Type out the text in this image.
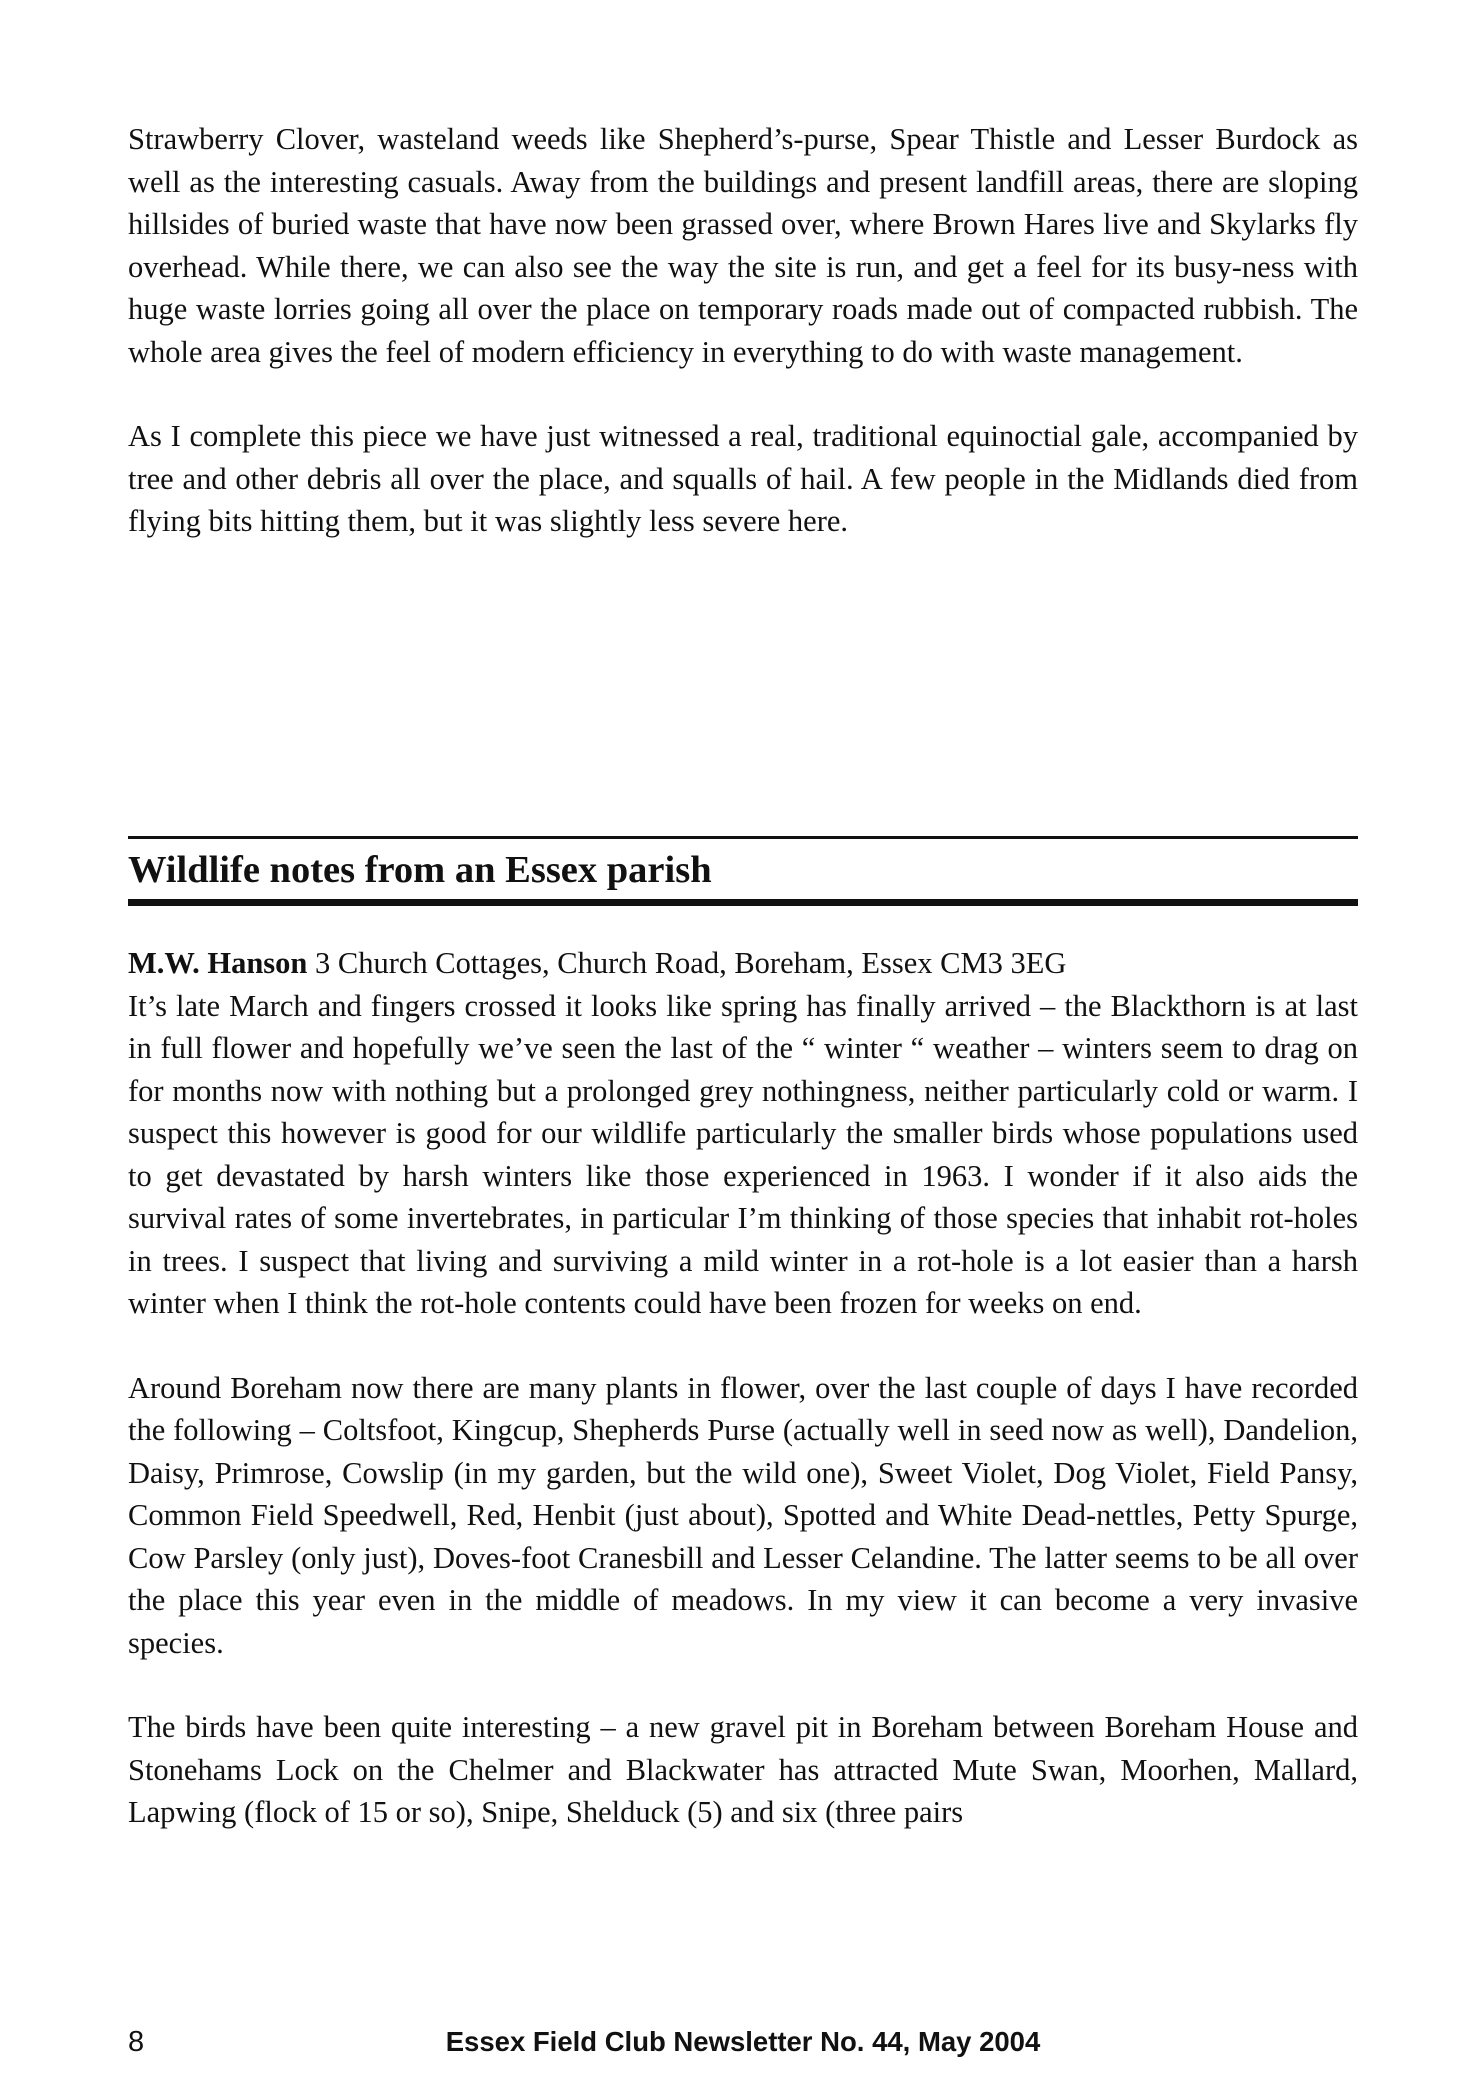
Strawberry Clover, wasteland weeds like Shepherd’s-purse, Spear Thistle and Lesser Burdock as well as the interesting casuals. Away from the buildings and present landfill areas, there are sloping hillsides of buried waste that have now been grassed over, where Brown Hares live and Skylarks fly overhead. While there, we can also see the way the site is run, and get a feel for its busy-ness with huge waste lorries going all over the place on temporary roads made out of compacted rubbish. The whole area gives the feel of modern efficiency in everything to do with waste management.

As I complete this piece we have just witnessed a real, traditional equinoctial gale, accompanied by tree and other debris all over the place, and squalls of hail. A few people in the Midlands died from flying bits hitting them, but it was slightly less severe here.

Wildlife notes from an Essex parish

M.W. Hanson 3 Church Cottages, Church Road, Boreham, Essex CM3 3EG

It’s late March and fingers crossed it looks like spring has finally arrived – the Blackthorn is at last in full flower and hopefully we’ve seen the last of the “ winter “ weather – winters seem to drag on for months now with nothing but a prolonged grey nothingness, neither particularly cold or warm. I suspect this however is good for our wildlife particularly the smaller birds whose populations used to get devastated by harsh winters like those experienced in 1963. I wonder if it also aids the survival rates of some invertebrates, in particular I’m thinking of those species that inhabit rot-holes in trees. I suspect that living and surviving a mild winter in a rot-hole is a lot easier than a harsh winter when I think the rot-hole contents could have been frozen for weeks on end.

Around Boreham now there are many plants in flower, over the last couple of days I have recorded the following – Coltsfoot, Kingcup, Shepherds Purse (actually well in seed now as well), Dandelion, Daisy, Primrose, Cowslip (in my garden, but the wild one), Sweet Violet, Dog Violet, Field Pansy, Common Field Speedwell, Red, Henbit (just about), Spotted and White Dead-nettles, Petty Spurge, Cow Parsley (only just), Doves-foot Cranesbill and Lesser Celandine. The latter seems to be all over the place this year even in the middle of meadows. In my view it can become a very invasive species.

The birds have been quite interesting – a new gravel pit in Boreham between Boreham House and Stonehams Lock on the Chelmer and Blackwater has attracted Mute Swan, Moorhen, Mallard, Lapwing (flock of 15 or so), Snipe, Shelduck (5) and six (three pairs

8	Essex Field Club Newsletter No. 44, May 2004
